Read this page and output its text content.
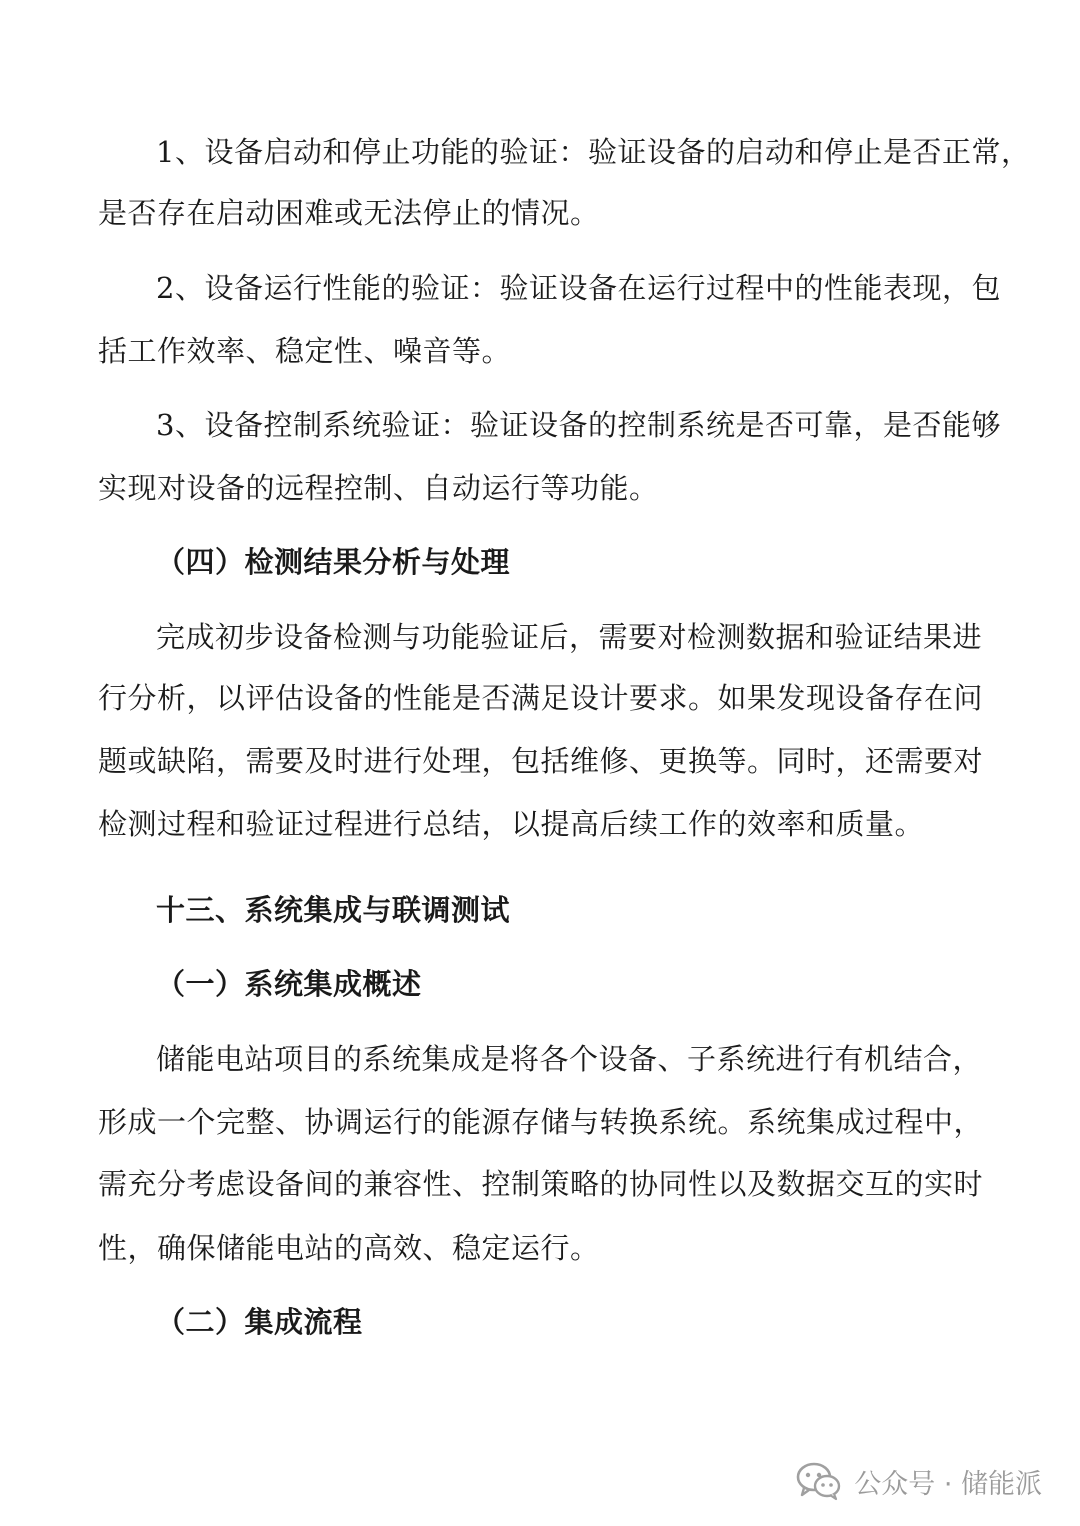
1、设备启动和停止功能的验证：验证设备的启动和停止是否正常，
是否存在启动困难或无法停止的情况。
2、设备运行性能的验证：验证设备在运行过程中的性能表现，包
括工作效率、稳定性、噪音等。
3、设备控制系统验证：验证设备的控制系统是否可靠，是否能够
实现对设备的远程控制、自动运行等功能。
（四）检测结果分析与处理
完成初步设备检测与功能验证后，需要对检测数据和验证结果进
行分析，以评估设备的性能是否满足设计要求。如果发现设备存在问
题或缺陷，需要及时进行处理，包括维修、更换等。同时，还需要对
检测过程和验证过程进行总结，以提高后续工作的效率和质量。
十三、系统集成与联调测试
（一）系统集成概述
储能电站项目的系统集成是将各个设备、子系统进行有机结合，
形成一个完整、协调运行的能源存储与转换系统。系统集成过程中，
需充分考虑设备间的兼容性、控制策略的协同性以及数据交互的实时
性，确保储能电站的高效、稳定运行。
（二）集成流程
公众号 · 储能派
